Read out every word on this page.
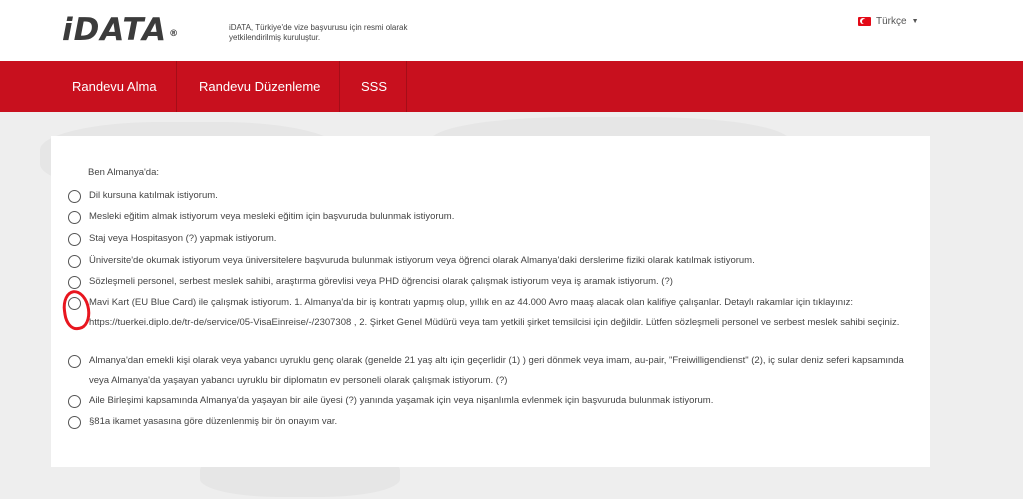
iDATA ®
iDATA, Türkiye'de vize başvurusu için resmi olarak yetkilendirilmiş kuruluştur.
Türkçe ▼
Randevu Alma	Randevu Düzenleme	SSS
Ben Almanya'da:
Dil kursuna katılmak istiyorum.
Mesleki eğitim almak istiyorum veya mesleki eğitim için başvuruda bulunmak istiyorum.
Staj veya Hospitasyon (?) yapmak istiyorum.
Üniversite'de okumak istiyorum veya üniversitelere başvuruda bulunmak istiyorum veya öğrenci olarak Almanya'daki derslerime fiziki olarak katılmak istiyorum.
Sözleşmeli personel, serbest meslek sahibi, araştırma görevlisi veya PHD öğrencisi olarak çalışmak istiyorum veya iş aramak istiyorum. (?)
Mavi Kart (EU Blue Card) ile çalışmak istiyorum. 1. Almanya'da bir iş kontratı yapmış olup, yıllık en az 44.000 Avro maaş alacak olan kalifiye çalışanlar. Detaylı rakamlar için tıklayınız: https://tuerkei.diplo.de/tr-de/service/05-VisaEinreise/-/2307308 , 2. Şirket Genel Müdürü veya tam yetkili şirket temsilcisi için değildir. Lütfen sözleşmeli personel ve serbest meslek sahibi seçiniz.
Almanya'dan emekli kişi olarak veya yabancı uyruklu genç olarak (genelde 21 yaş altı için geçerlidir (1) ) geri dönmek veya imam, au-pair, "Freiwilligendienst" (2), iç sular deniz seferi kapsamında veya Almanya'da yaşayan yabancı uyruklu bir diplomatın ev personeli olarak çalışmak istiyorum. (?)
Aile Birleşimi kapsamında Almanya'da yaşayan bir aile üyesi (?) yanında yaşamak için veya nişanlımla evlenmek için başvuruda bulunmak istiyorum.
§81a ikamet yasasına göre düzenlenmiş bir ön onayım var.
